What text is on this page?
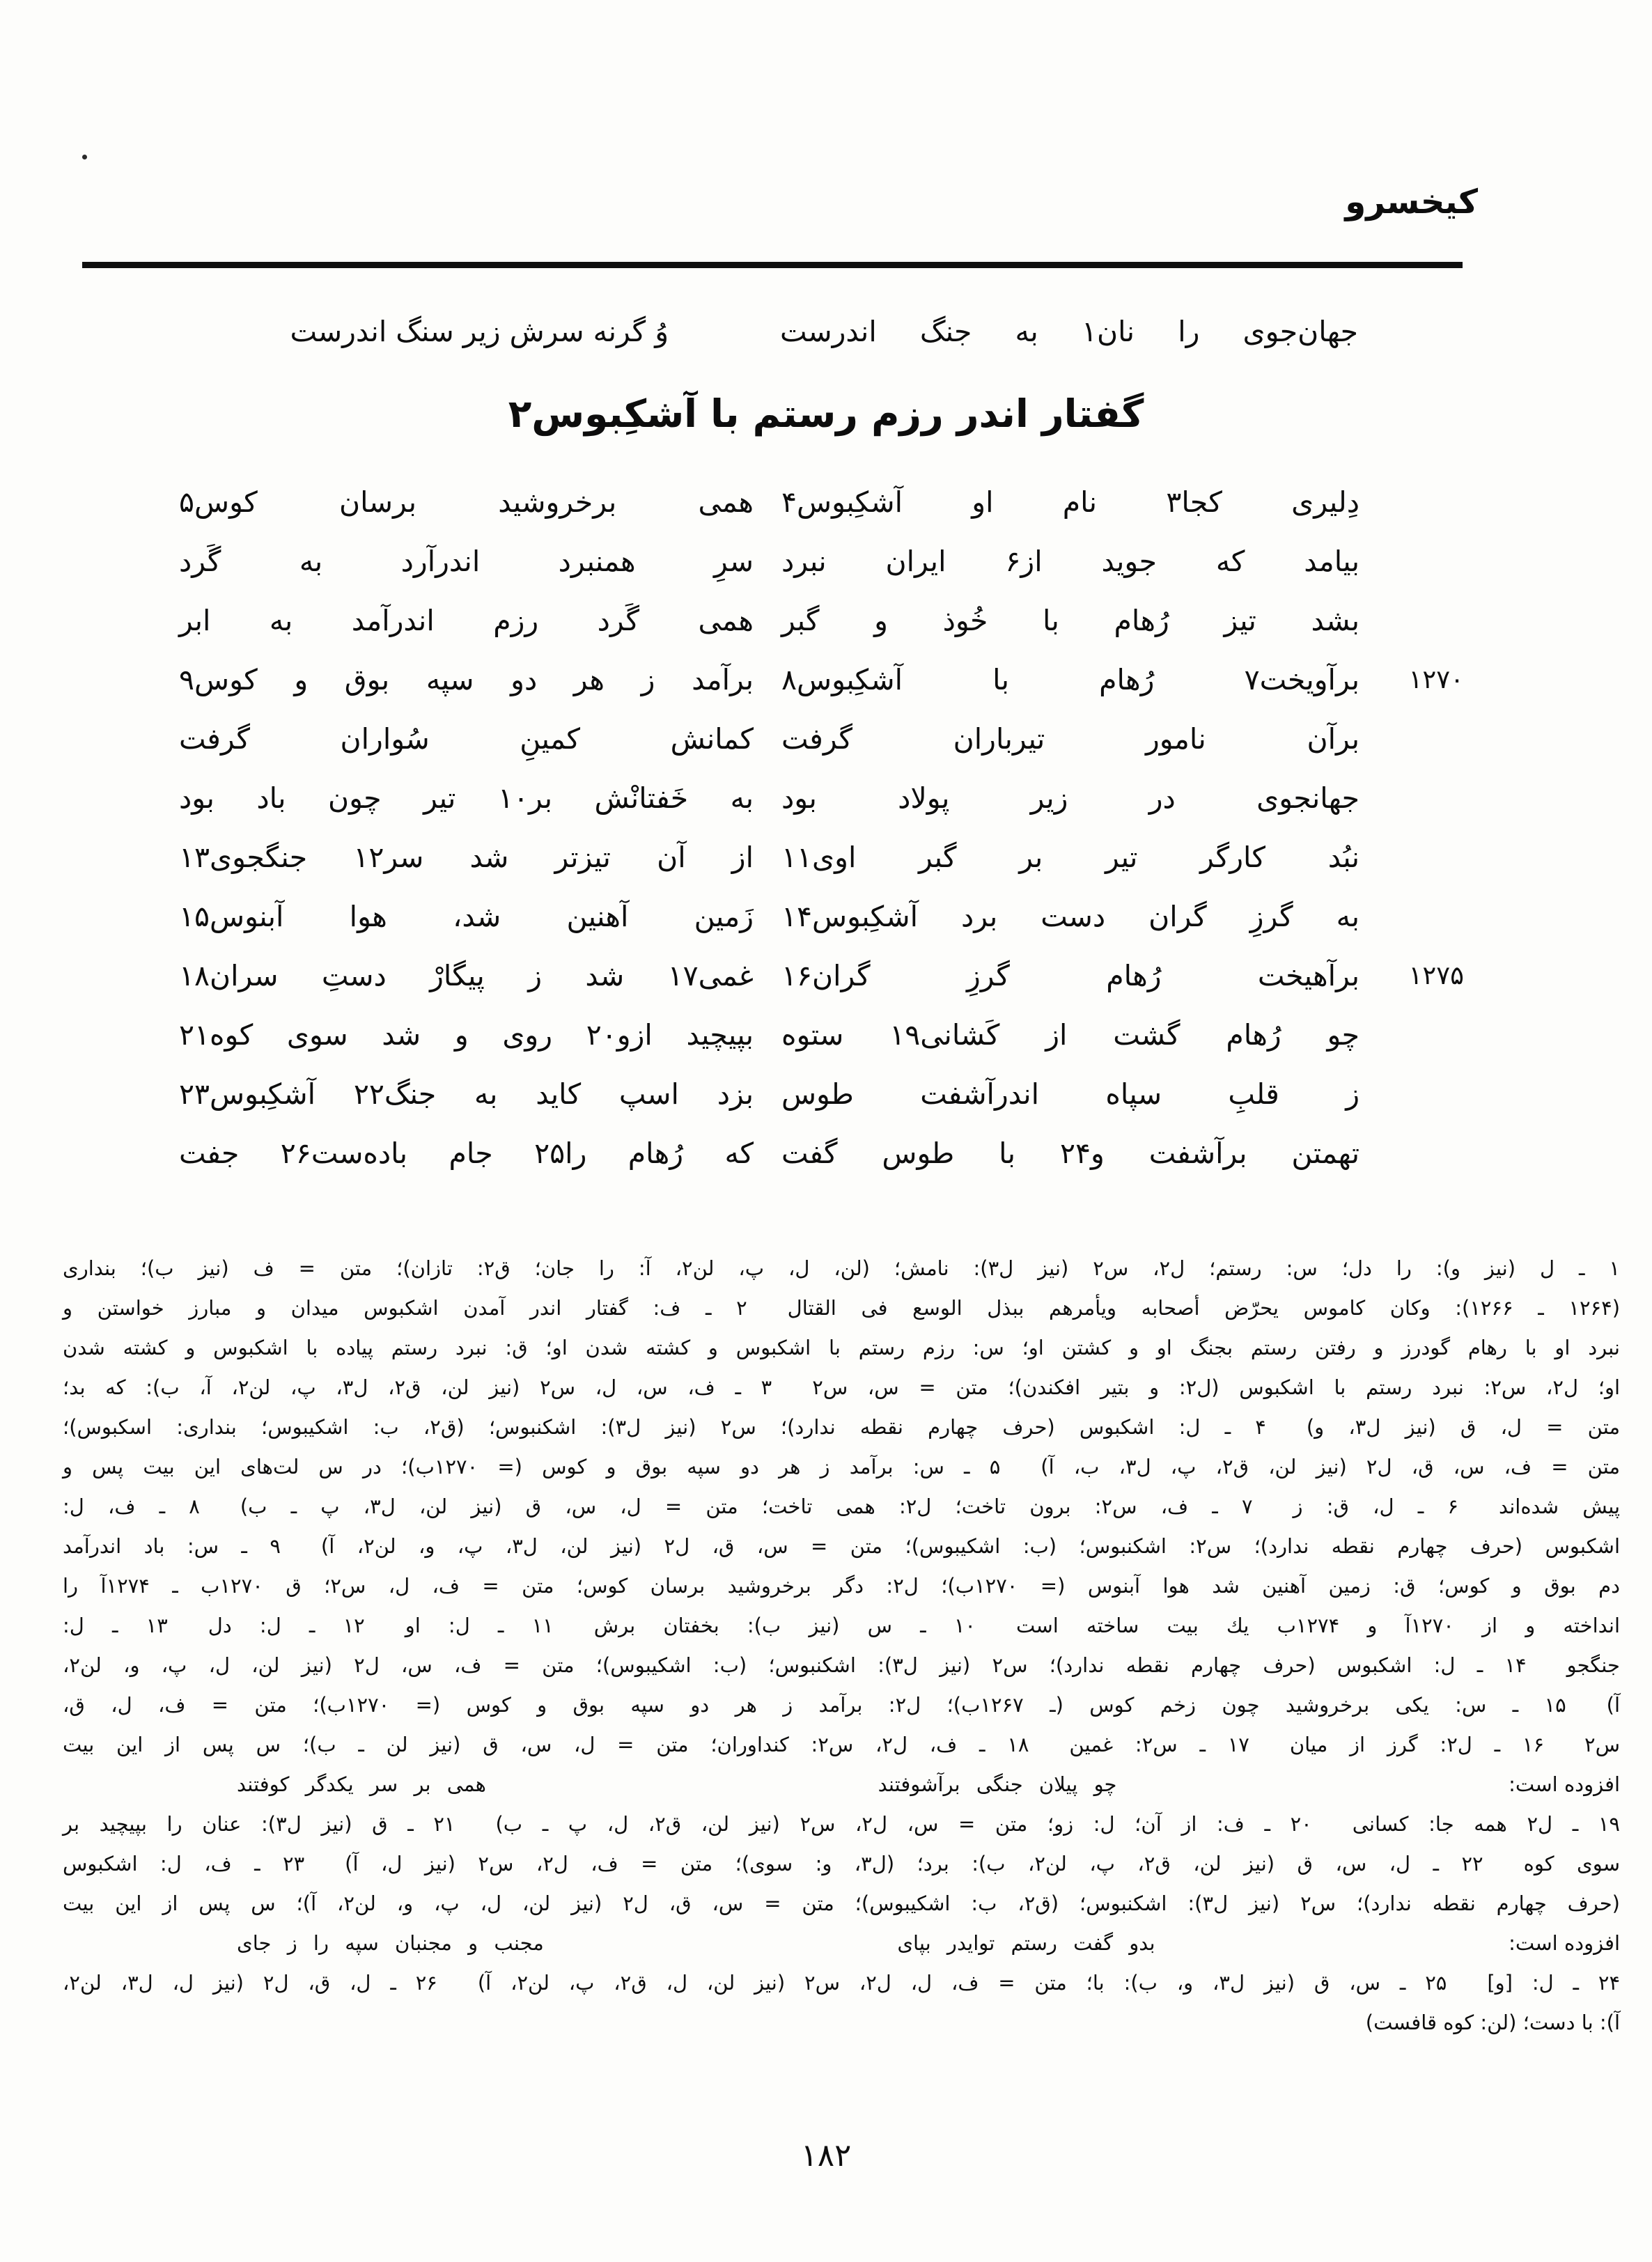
کیخسرو
جهان‌جوی را نان۱ به جنگ اندرست
وُ گرنه سرش زیر سنگ اندرست
گفتار اندر رزم رستم با آشکِبوس۲
دِلیری کجا۳ نام او آشکِبوس۴
همی برخروشید برسان کوس۵
بیامد که جوید از۶ ایران نبرد
سرِ همنبرد اندرآرد به گَرد
بشد تیز رُهام با خُوذ و گبر
همی گَرد رزم اندرآمد به ابر
۱۲۷۰
برآویخت۷ رُهام با آشکِبوس۸
برآمد ز هر دو سپه بوق و کوس۹
برآن نامور تیرباران گرفت
کمانش کمینِ سُواران گرفت
جهانجوی در زیر پولاد بود
به خَفتانْش بر۱۰ تیر چون باد بود
نبُد کارگر تیر بر گبر اوی۱۱
از آن تیزتر شد سر۱۲ جنگجوی۱۳
به گرزِ گران دست برد آشکِبوس۱۴
زَمین آهنین شد، هوا آبنوس۱۵
۱۲۷۵
برآهیخت رُهام گرزِ گران۱۶
غمی۱۷ شد ز پیگارْ دستِ سران۱۸
چو رُهام گشت از کَشانی۱۹ ستوه
بپیچید ازو۲۰ روی و شد سوی کوه۲۱
ز قلبِ سپاه اندرآشفت طوس
بزد اسپ کاید به جنگ۲۲ آشکِبوس۲۳
تهمتن برآشفت و۲۴ با طوس گفت
که رُهام را۲۵ جام باده‌ست۲۶ جفت
۱ ـ ل (نیز و): را دل؛ س: رستم؛ ل۲، س۲ (نیز ل۳): نامش؛ (لن، ل، پ، لن۲، آ: را جان؛ ق۲: تازان)؛ متن = ف (نیز ب)؛ بنداری
(۱۲۶۴ ـ ۱۲۶۶): وكان كاموس يحرّض أصحابه ويأمرهم ببذل الوسع فی القتال  ۲ ـ ف: گفتار اندر آمدن اشكبوس میدان و مبارز خواستن و
نبرد او با رهام گودرز و رفتن رستم بجنگ او و كشتن او؛ س: رزم رستم با اشكبوس و كشته شدن او؛ ق: نبرد رستم پیاده با اشكبوس و كشته شدن
او؛ ل۲، س۲: نبرد رستم با اشكبوس (ل۲: و بتیر افكندن)؛ متن = س، س۲  ۳ ـ ف، س، ل، س۲ (نیز لن، ق۲، ل۳، پ، لن۲، آ، ب): كه بد؛
متن = ل، ق (نیز ل۳، و)  ۴ ـ ل: اشكبوس (حرف چهارم نقطه ندارد)؛ س۲ (نیز ل۳): اشكنبوس؛ (ق۲، ب: اشكیبوس؛ بنداری: اسكبوس)؛
متن = ف، س، ق، ل۲ (نیز لن، ق۲، پ، ل۳، ب، آ)  ۵ ـ س: برآمد ز هر دو سپه بوق و كوس (= ۱۲۷۰ب)؛ در س لت‌های این بیت پس و
پیش شده‌اند  ۶ ـ ل، ق: ز  ۷ ـ ف، س۲: برون تاخت؛ ل۲: همی تاخت؛ متن = ل، س، ق (نیز لن، ل۳، پ ـ ب)  ۸ ـ ف، ل:
اشكبوس (حرف چهارم نقطه ندارد)؛ س۲: اشكنبوس؛ (ب: اشكیبوس)؛ متن = س، ق، ل۲ (نیز لن، ل۳، پ، و، لن۲، آ)  ۹ ـ س: باد اندرآمد
دم بوق و كوس؛ ق: زمین آهنین شد هوا آبنوس (= ۱۲۷۰ب)؛ ل۲: دگر برخروشید برسان كوس؛ متن = ف، ل، س۲؛ ق ۱۲۷۰ب ـ ۱۲۷۴آ را
انداخته و از ۱۲۷۰آ و ۱۲۷۴ب یك بیت ساخته است  ۱۰ ـ س (نیز ب): بخفتان برش  ۱۱ ـ ل: او  ۱۲ ـ ل: دل  ۱۳ ـ ل:
جنگجو  ۱۴ ـ ل: اشكبوس (حرف چهارم نقطه ندارد)؛ س۲ (نیز ل۳): اشكنبوس؛ (ب: اشكیبوس)؛ متن = ف، س، ل۲ (نیز لن، ل، پ، و، لن۲،
آ)  ۱۵ ـ س: یكی برخروشید چون زخم كوس (ـ ۱۲۶۷ب)؛ ل۲: برآمد ز هر دو سپه بوق و كوس (= ۱۲۷۰ب)؛ متن = ف، ل، ق،
س۲  ۱۶ ـ ل۲: گرز از میان  ۱۷ ـ س۲: غمین  ۱۸ ـ ف، ل۲، س۲: كنداوران؛ متن = ل، س، ق (نیز لن ـ ب)؛ س پس از این بیت
افزوده است:
چو پیلان جنگی برآشوفتند
همی بر سر یكدگر كوفتند
۱۹ ـ ل۲ همه جا: كسانی  ۲۰ ـ ف: از آن؛ ل: زو؛ متن = س، ل۲، س۲ (نیز لن، ق۲، ل، پ ـ ب)  ۲۱ ـ ق (نیز ل۳): عنان را بپیچید بر
سوی كوه  ۲۲ ـ ل، س، ق (نیز لن، ق۲، پ، لن۲، ب): برد؛ (ل۳، و: سوی)؛ متن = ف، ل۲، س۲ (نیز ل، آ)  ۲۳ ـ ف، ل: اشكبوس
(حرف چهارم نقطه ندارد)؛ س۲ (نیز ل۳): اشكنبوس؛ (ق۲، ب: اشكیبوس)؛ متن = س، ق، ل۲ (نیز لن، ل، پ، و، لن۲، آ)؛ س پس از این بیت
افزوده است:
بدو گفت رستم توایدر بپای
مجنب و مجنبان سپه را ز جای
۲۴ ـ ل: [و]  ۲۵ ـ س، ق (نیز ل۳، و، ب): با؛ متن = ف، ل، ل۲، س۲ (نیز لن، ل، ق۲، پ، لن۲، آ)  ۲۶ ـ ل، ق، ل۲ (نیز ل، ل۳، لن۲،
آ): با دست؛ (لن: كوه قافست)
۱۸۲
